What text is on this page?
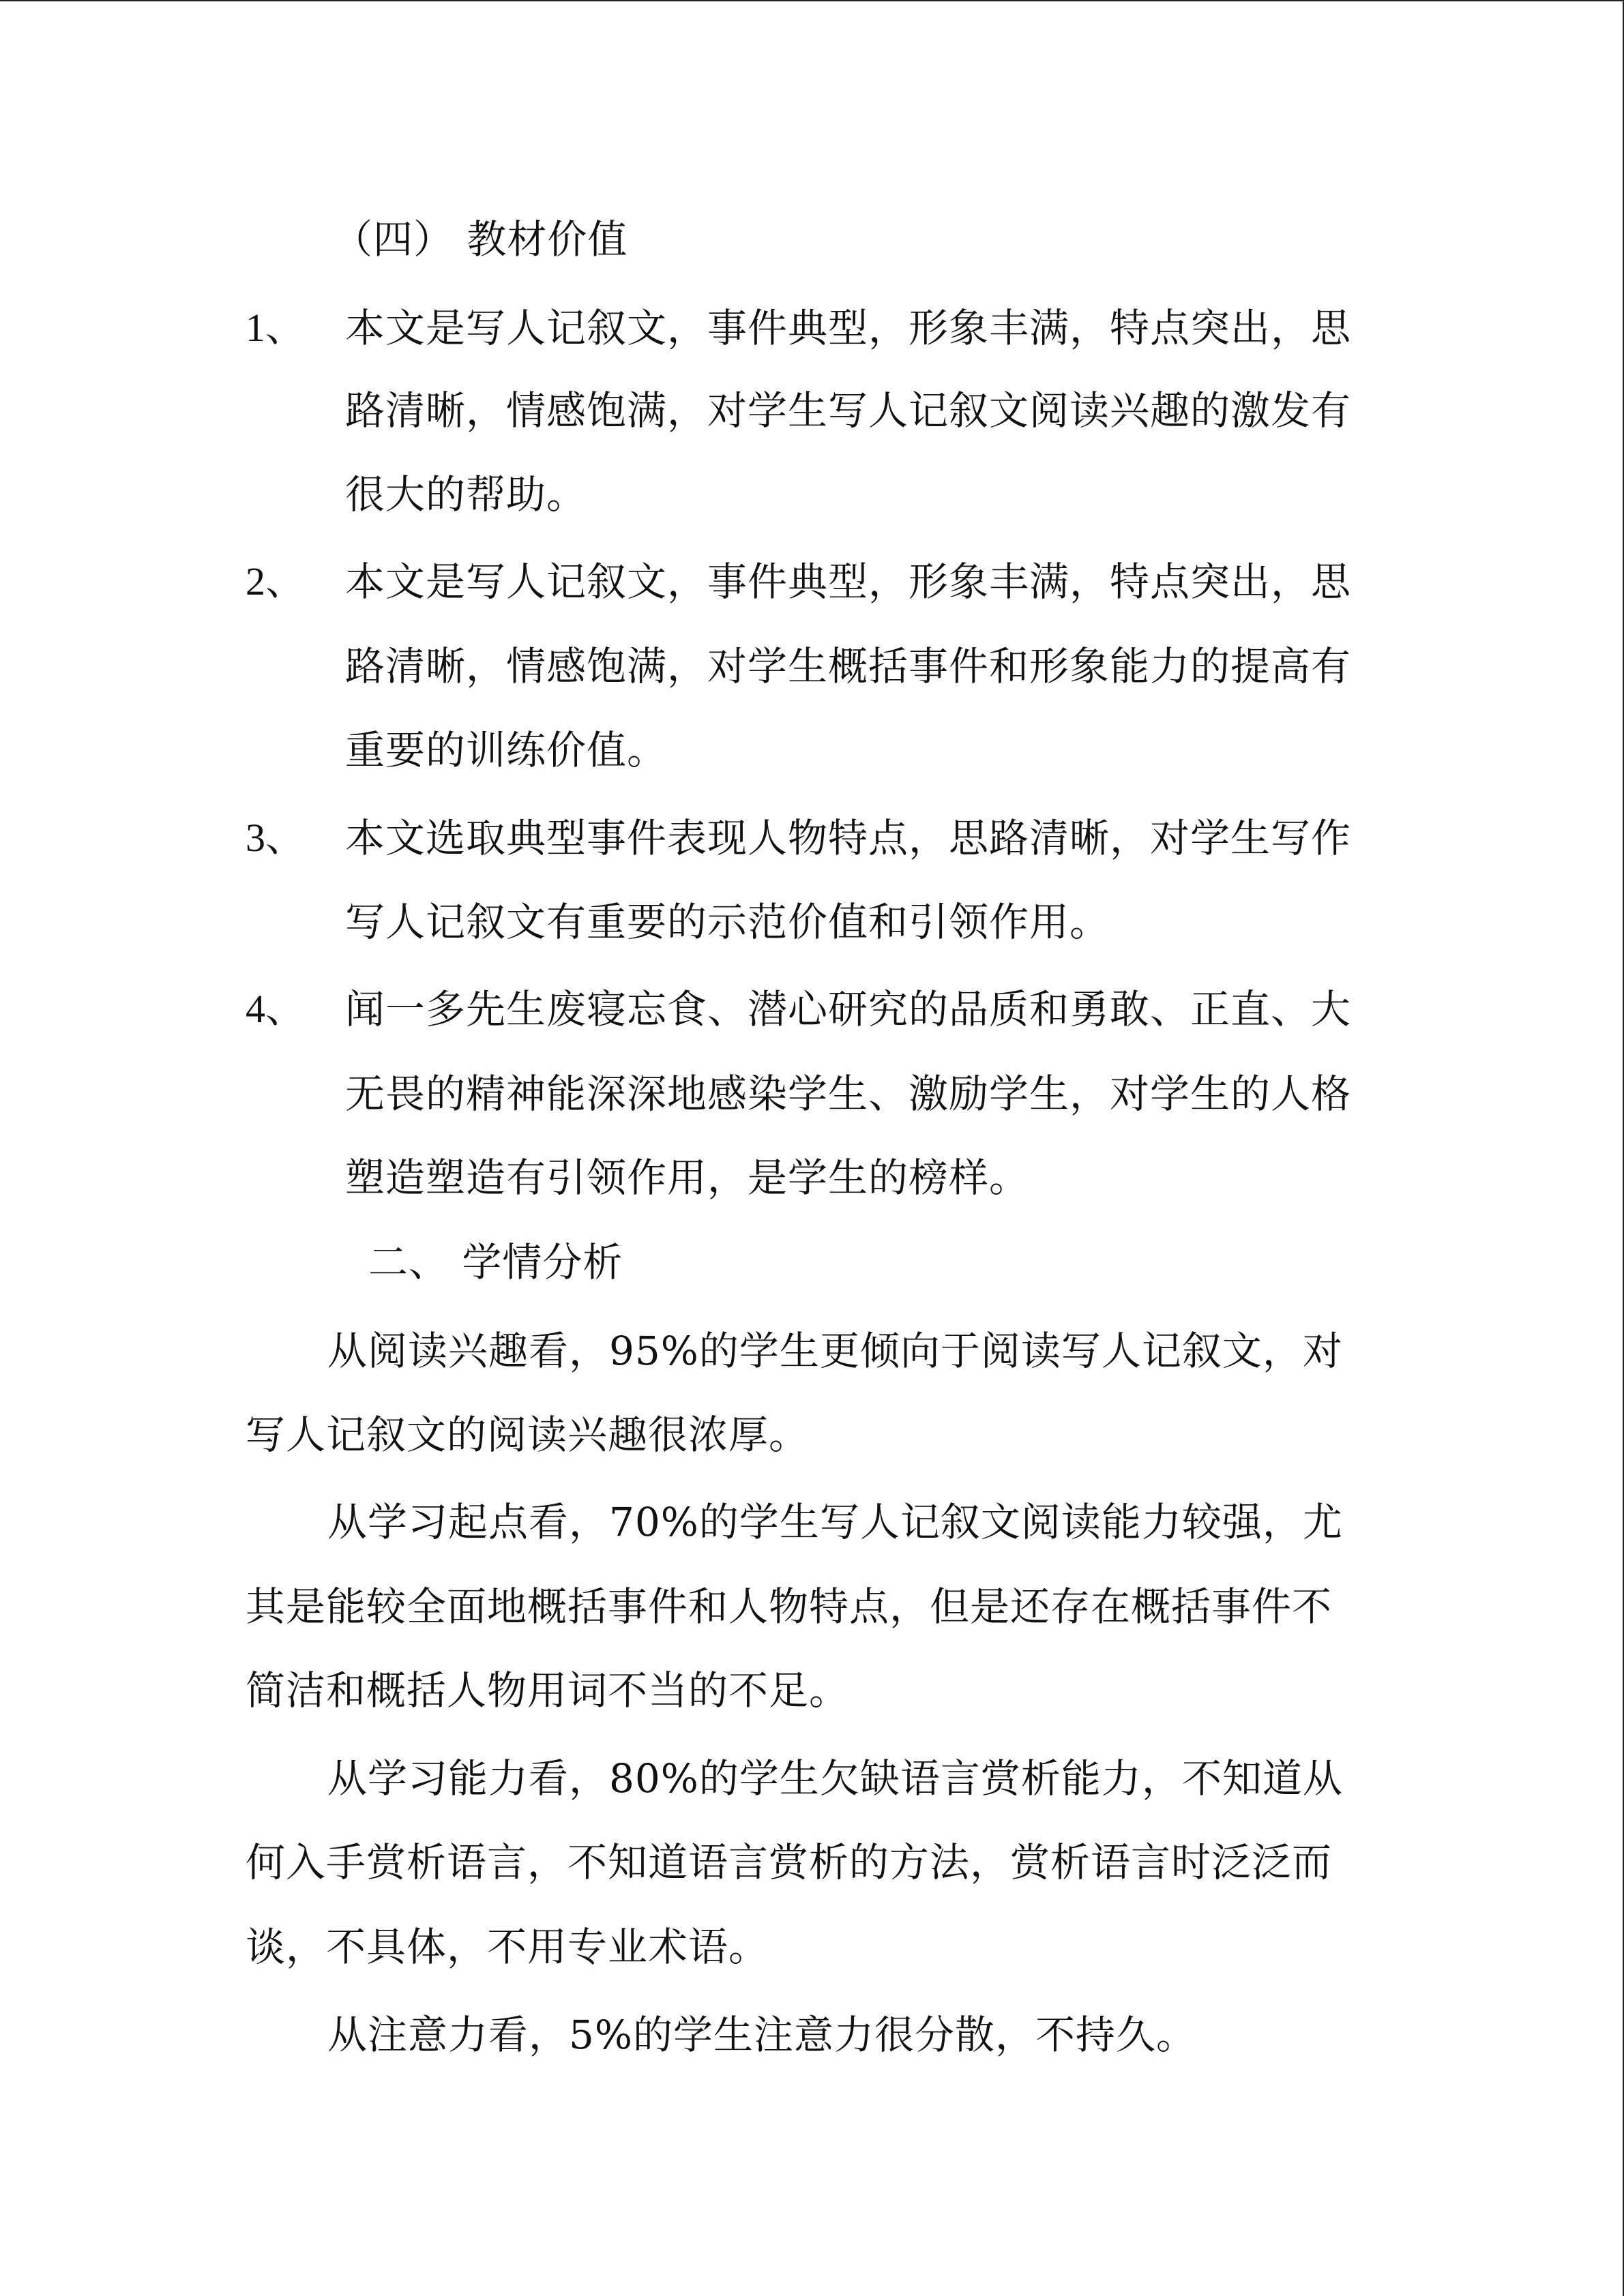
（四） 教材价值
1、 本文是写人记叙文，事件典型，形象丰满，特点突出，思
路清晰，情感饱满，对学生写人记叙文阅读兴趣的激发有
很大的帮助。
2、 本文是写人记叙文，事件典型，形象丰满，特点突出，思
路清晰，情感饱满，对学生概括事件和形象能力的提高有
重要的训练价值。
3、 本文选取典型事件表现人物特点，思路清晰，对学生写作
写人记叙文有重要的示范价值和引领作用。
4、 闻一多先生废寝忘食、潜心研究的品质和勇敢、正直、大
无畏的精神能深深地感染学生、激励学生，对学生的人格
塑造塑造有引领作用，是学生的榜样。
二、 学情分析
从阅读兴趣看，95%的学生更倾向于阅读写人记叙文，对
写人记叙文的阅读兴趣很浓厚。
从学习起点看，70%的学生写人记叙文阅读能力较强，尤
其是能较全面地概括事件和人物特点，但是还存在概括事件不
简洁和概括人物用词不当的不足。
从学习能力看，80%的学生欠缺语言赏析能力，不知道从
何入手赏析语言，不知道语言赏析的方法，赏析语言时泛泛而
谈，不具体，不用专业术语。
从注意力看，5%的学生注意力很分散，不持久。
